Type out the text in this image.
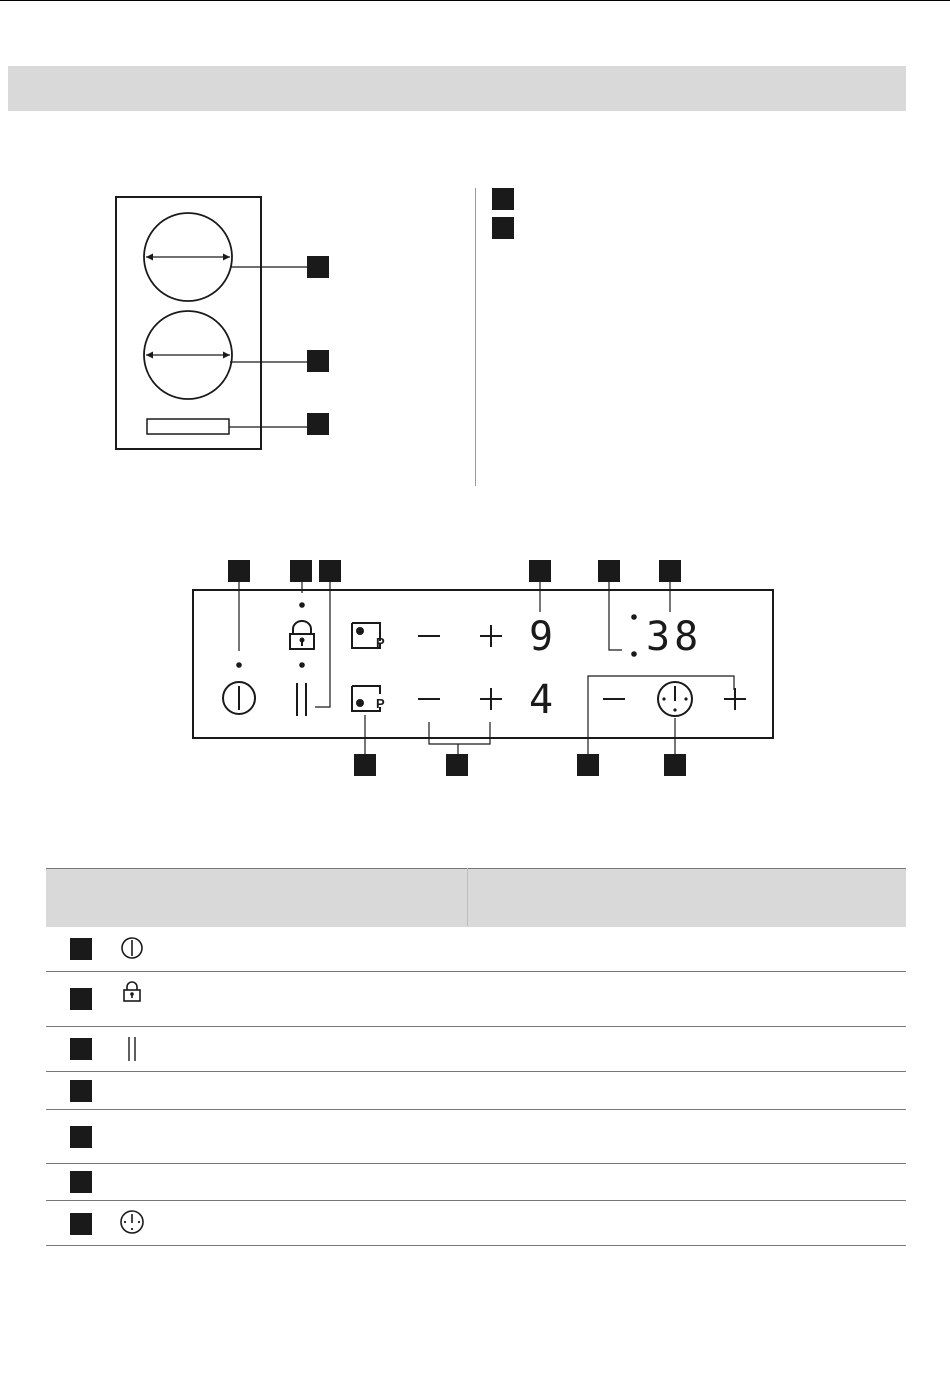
P	9
P	4
38
